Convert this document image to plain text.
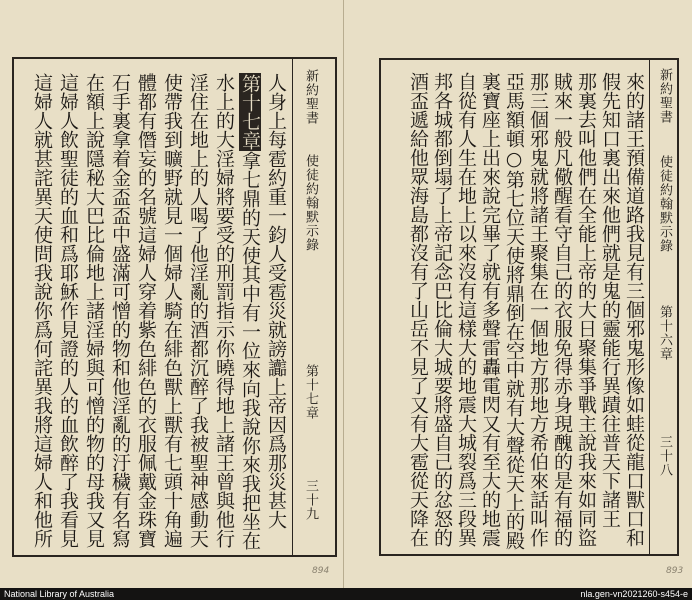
新約聖書
使徒約翰默示錄
第十七章
三十九
人身上每雹約重一鈞人受雹災就謗讟上帝因爲那災甚大
第十七章拿七鼎的天使其中有一位來向我說你來我把坐在
水上的大淫婦將要受的刑罰指示你曉得地上諸王曾與他行
淫住在地上的人喝了他淫亂的酒都沉醉了我被聖神感動天
使帶我到曠野就見一個婦人騎在緋色獸上獸有七頭十角遍
體都有僭妄的名號這婦人穿着紫色緋色的衣服佩戴金珠寶
石手裏拿着金盃盃中盛滿可憎的物和他淫亂的汙穢有名寫
在額上說隱秘大巴比倫地上諸淫婦與可憎的物的母我又見
這婦人飲聖徒的血和爲耶穌作見證的人的血飲醉了我看見
這婦人就甚詫異天使問我說你爲何詫異我將這婦人和他所
894
新約聖書
使徒約翰默示錄
第十六章
三十八
來的諸王預備道路我見有三個邪鬼形像如蛙從龍口獸口和
假先知口裏出來他們就是鬼的靈能行異蹟往普天下諸王
那裏去叫他們在全能上帝的大日聚集爭戰主說我來如同盜
賊來一般凡儆醒看守自己的衣服免得赤身現醜的是有福的
那三個邪鬼就將諸王聚集在一個地方那地方希伯來話叫作
亞馬額頓○第七位天使將鼎倒在空中就有大聲從天上的殿
裏寶座上出來說完畢了就有多聲雷轟電閃又有至大的地震
自從有人生在地上以來沒有這樣大的地震大城裂爲三段異
邦各城都倒塌了上帝記念巴比倫大城要將盛自己的忿怒的
酒盃遞給他眾海島都沒有了山岳不見了又有大雹從天降在
893
National Library of Australia	nla.gen-vn2021260-s454-e
